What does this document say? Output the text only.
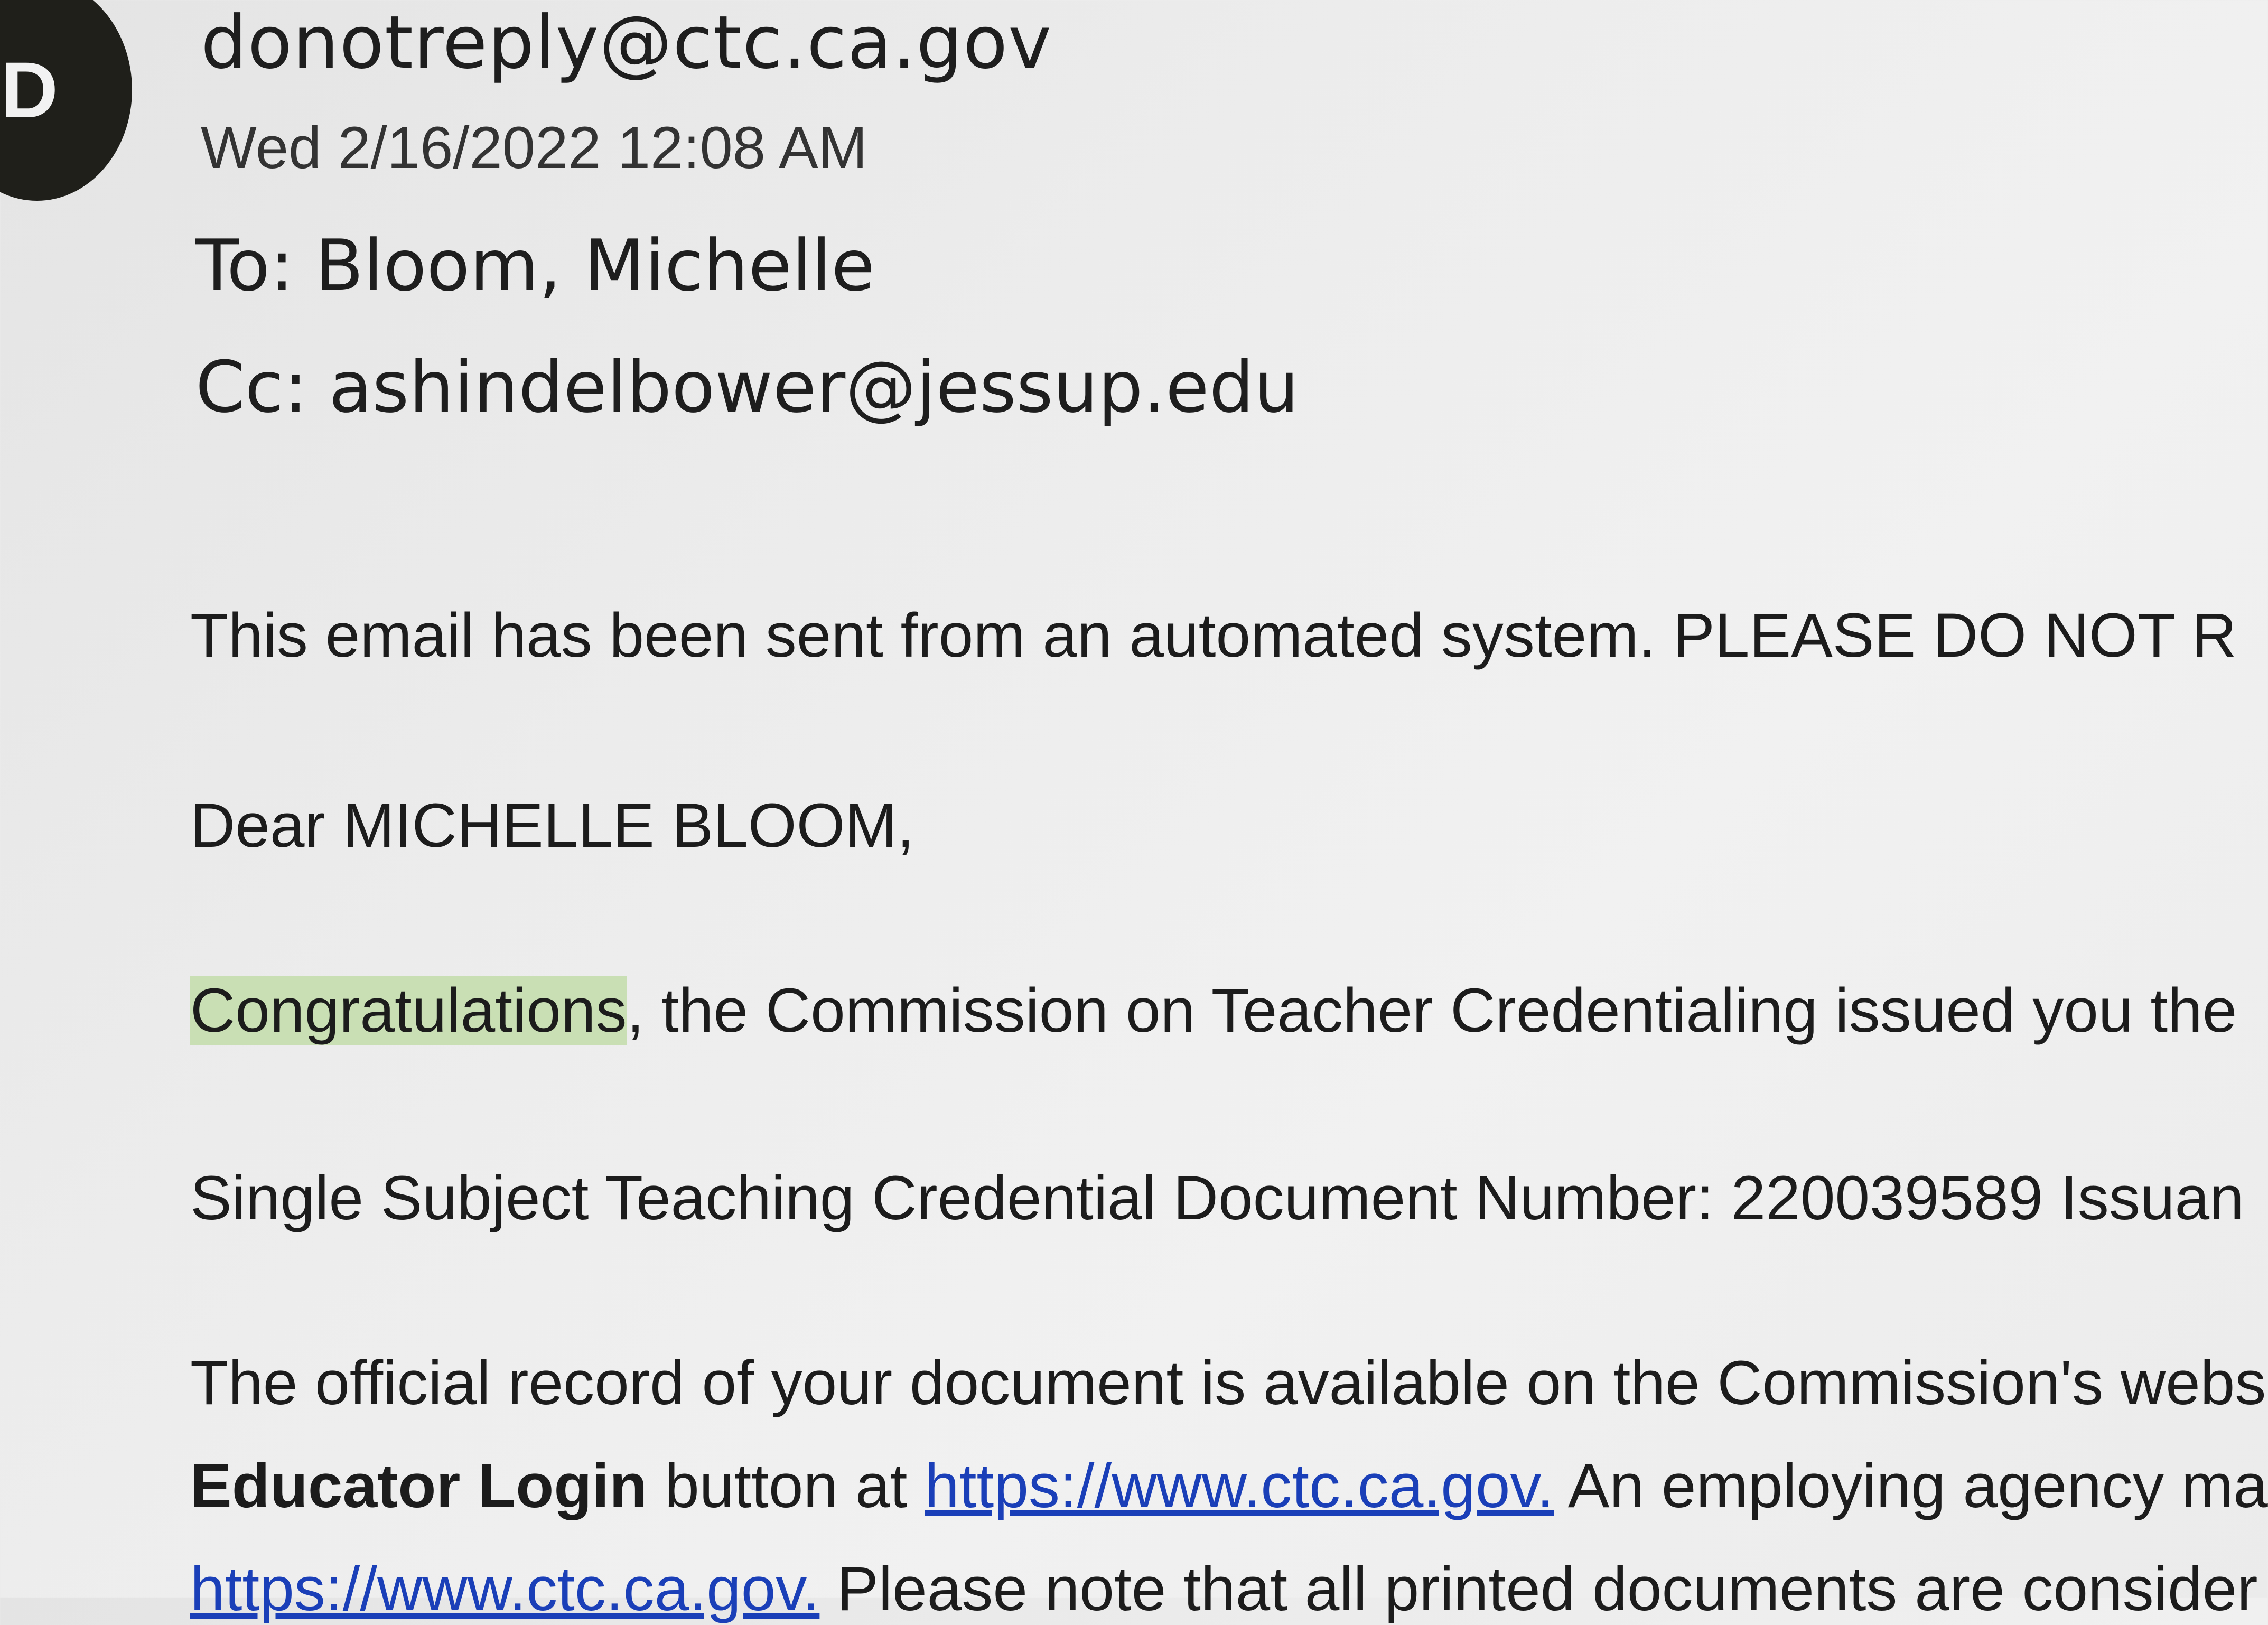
D
donotreply@ctc.ca.gov
Wed 2/16/2022 12:08 AM
To: Bloom, Michelle
Cc: ashindelbower@jessup.edu
This email has been sent from an automated system. PLEASE DO NOT R
Dear MICHELLE BLOOM,
Congratulations, the Commission on Teacher Credentialing issued you the
Single Subject Teaching Credential Document Number: 220039589 Issuan
The official record of your document is available on the Commission's webs
Educator Login button at https://www.ctc.ca.gov. An employing agency ma
https://www.ctc.ca.gov. Please note that all printed documents are consider
